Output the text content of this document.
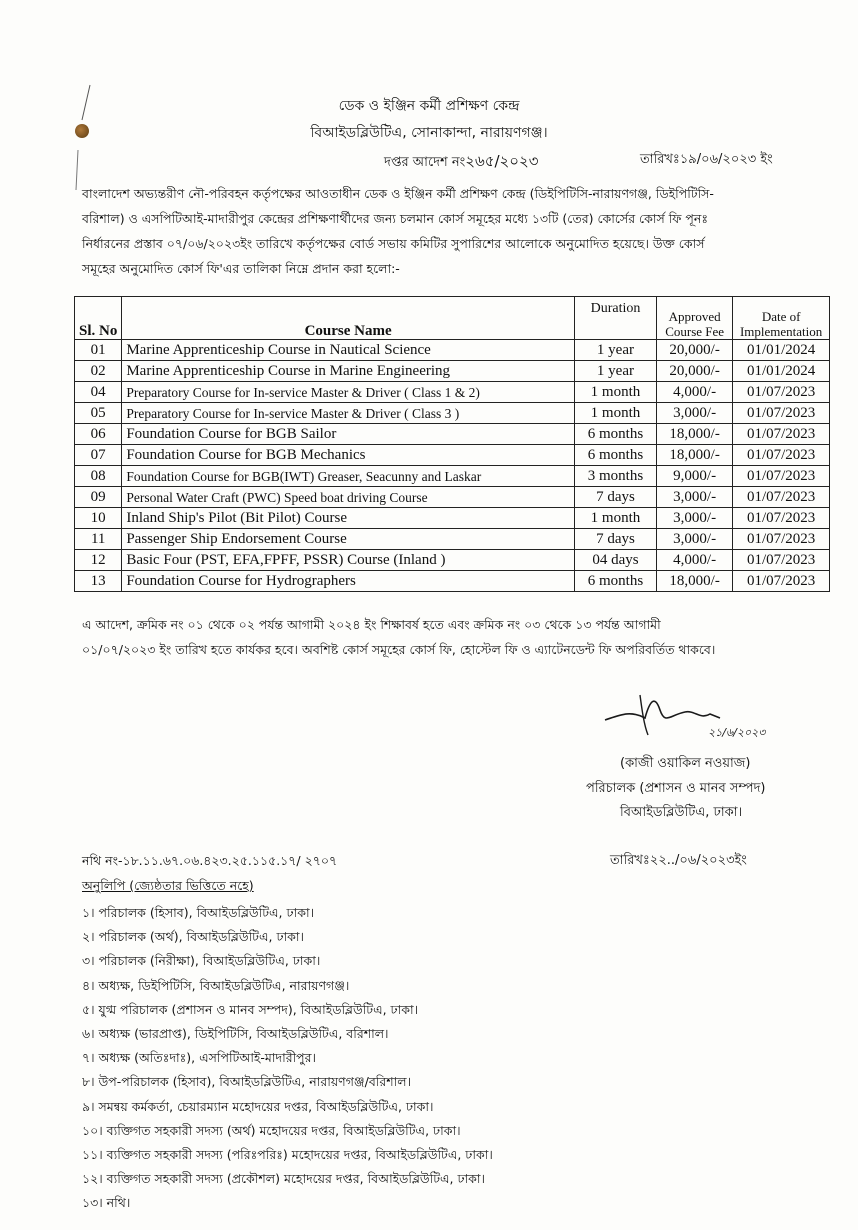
ডেক ও ইঞ্জিন কর্মী প্রশিক্ষণ কেন্দ্র
বিআইডব্লিউটিএ, সোনাকান্দা, নারায়ণগঞ্জ।
দপ্তর আদেশ নং২৬৫/২০২৩	তারিখঃ১৯/০৬/২০২৩ ইং
বাংলাদেশ অভ্যন্তরীণ নৌ-পরিবহন কর্তৃপক্ষের আওতাধীন ডেক ও ইঞ্জিন কর্মী প্রশিক্ষণ কেন্দ্র (ডিইপিটিসি-নারায়ণগঞ্জ, ডিইপিটিসি-
বরিশাল) ও এসপিটিআই-মাদারীপুর কেন্দ্রের প্রশিক্ষণার্থীদের জন্য চলমান কোর্স সমূহের মধ্যে ১৩টি (তের) কোর্সের কোর্স ফি পূনঃ
নির্ধারনের প্রস্তাব ০৭/০৬/২০২৩ইং তারিখে কর্তৃপক্ষের বোর্ড সভায় কমিটির সুপারিশের আলোকে অনুমোদিত হয়েছে। উক্ত কোর্স
সমূহের অনুমোদিত কোর্স ফি'এর তালিকা নিম্নে প্রদান করা হলো:-
Sl. No	Course Name	Duration	Approved Course Fee	Date of Implementation
01	Marine Apprenticeship Course in Nautical Science	1 year	20,000/-	01/01/2024
02	Marine Apprenticeship Course in Marine Engineering	1 year	20,000/-	01/01/2024
04	Preparatory Course for In-service Master & Driver ( Class 1 & 2)	1 month	4,000/-	01/07/2023
05	Preparatory Course for In-service Master & Driver ( Class 3 )	1 month	3,000/-	01/07/2023
06	Foundation Course for BGB Sailor	6 months	18,000/-	01/07/2023
07	Foundation Course for BGB Mechanics	6 months	18,000/-	01/07/2023
08	Foundation Course for BGB(IWT) Greaser, Seacunny and Laskar	3 months	9,000/-	01/07/2023
09	Personal Water Craft (PWC) Speed boat driving Course	7 days	3,000/-	01/07/2023
10	Inland Ship's Pilot (Bit Pilot) Course	1 month	3,000/-	01/07/2023
11	Passenger Ship Endorsement Course	7 days	3,000/-	01/07/2023
12	Basic Four (PST, EFA,FPFF, PSSR) Course (Inland )	04 days	4,000/-	01/07/2023
13	Foundation Course for Hydrographers	6 months	18,000/-	01/07/2023
এ আদেশ, ক্রমিক নং ০১ থেকে ০২ পর্যন্ত আগামী ২০২৪ ইং শিক্ষাবর্ষ হতে এবং ক্রমিক নং ০৩ থেকে ১৩ পর্যন্ত আগামী
০১/০৭/২০২৩ ইং তারিখ হতে কার্যকর হবে। অবশিষ্ট কোর্স সমূহের কোর্স ফি, হোস্টেল ফি ও এ্যাটেনডেন্ট ফি অপরিবর্তিত থাকবে।
২১/৬/২০২৩
(কাজী ওয়াকিল নওয়াজ)
পরিচালক (প্রশাসন ও মানব সম্পদ)
বিআইডব্লিউটিএ, ঢাকা।
নথি নং-১৮.১১.৬৭.০৬.৪২৩.২৫.১১৫.১৭/ ২৭০৭	তারিখঃ২২../০৬/২০২৩ইং
অনুলিপি (জ্যেষ্ঠতার ভিত্তিতে নহে)
১। পরিচালক (হিসাব), বিআইডব্লিউটিএ, ঢাকা।
২। পরিচালক (অর্থ), বিআইডব্লিউটিএ, ঢাকা।
৩। পরিচালক (নিরীক্ষা), বিআইডব্লিউটিএ, ঢাকা।
৪। অধ্যক্ষ, ডিইপিটিসি, বিআইডব্লিউটিএ, নারায়ণগঞ্জ।
৫। যুগ্ম পরিচালক (প্রশাসন ও মানব সম্পদ), বিআইডব্লিউটিএ, ঢাকা।
৬। অধ্যক্ষ (ভারপ্রাপ্ত), ডিইপিটিসি, বিআইডব্লিউটিএ, বরিশাল।
৭। অধ্যক্ষ (অতিঃদাঃ), এসপিটিআই-মাদারীপুর।
৮। উপ-পরিচালক (হিসাব), বিআইডব্লিউটিএ, নারায়ণগঞ্জ/বরিশাল।
৯। সমন্বয় কর্মকর্তা, চেয়ারম্যান মহোদয়ের দপ্তর, বিআইডব্লিউটিএ, ঢাকা।
১০। ব্যক্তিগত সহকারী সদস্য (অর্থ) মহোদয়ের দপ্তর, বিআইডব্লিউটিএ, ঢাকা।
১১। ব্যক্তিগত সহকারী সদস্য (পরিঃপরিঃ) মহোদয়ের দপ্তর, বিআইডব্লিউটিএ, ঢাকা।
১২। ব্যক্তিগত সহকারী সদস্য (প্রকৌশল) মহোদয়ের দপ্তর, বিআইডব্লিউটিএ, ঢাকা।
১৩। নথি।
